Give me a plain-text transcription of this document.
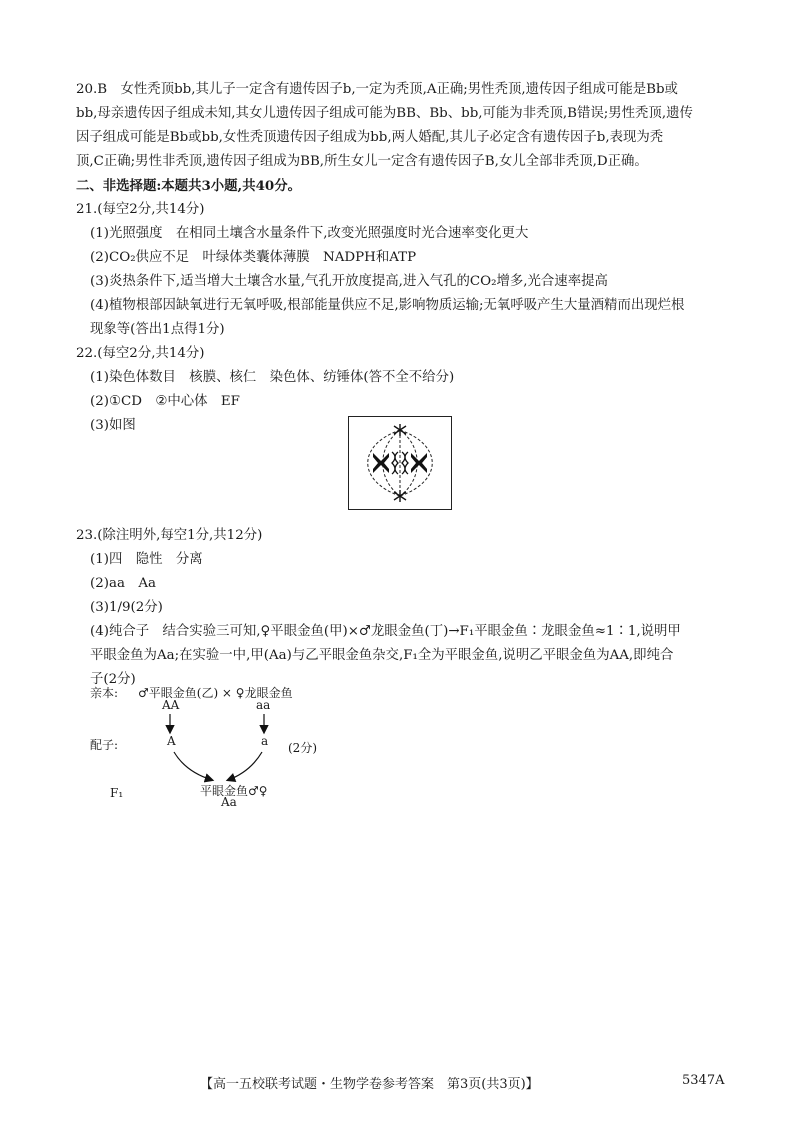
20.B　女性秃顶bb,其儿子一定含有遗传因子b,一定为秃顶,A正确;男性秃顶,遗传因子组成可能是Bb或
bb,母亲遗传因子组成未知,其女儿遗传因子组成可能为BB、Bb、bb,可能为非秃顶,B错误;男性秃顶,遗传
因子组成可能是Bb或bb,女性秃顶遗传因子组成为bb,两人婚配,其儿子必定含有遗传因子b,表现为秃
顶,C正确;男性非秃顶,遗传因子组成为BB,所生女儿一定含有遗传因子B,女儿全部非秃顶,D正确。
二、非选择题:本题共3小题,共40分。
21.(每空2分,共14分)
(1)光照强度　在相同土壤含水量条件下,改变光照强度时光合速率变化更大
(2)CO₂供应不足　叶绿体类囊体薄膜　NADPH和ATP
(3)炎热条件下,适当增大土壤含水量,气孔开放度提高,进入气孔的CO₂增多,光合速率提高
(4)植物根部因缺氧进行无氧呼吸,根部能量供应不足,影响物质运输;无氧呼吸产生大量酒精而出现烂根
现象等(答出1点得1分)
22.(每空2分,共14分)
(1)染色体数目　核膜、核仁　染色体、纺锤体(答不全不给分)
(2)①CD　②中心体　EF
(3)如图
23.(除注明外,每空1分,共12分)
(1)四　隐性　分离
(2)aa　Aa
(3)1/9(2分)
(4)纯合子　结合实验三可知,♀平眼金鱼(甲)×♂龙眼金鱼(丁)→F₁平眼金鱼∶龙眼金鱼≈1∶1,说明甲
平眼金鱼为Aa;在实验一中,甲(Aa)与乙平眼金鱼杂交,F₁全为平眼金鱼,说明乙平眼金鱼为AA,即纯合
子(2分)
亲本: ♂平眼金鱼(乙) × ♀龙眼金鱼
AA	aa
配子:	A	a (2分)
F₁	平眼金鱼♂♀
Aa
【高一五校联考试题・生物学卷参考答案　第3页(共3页)】	5347A
